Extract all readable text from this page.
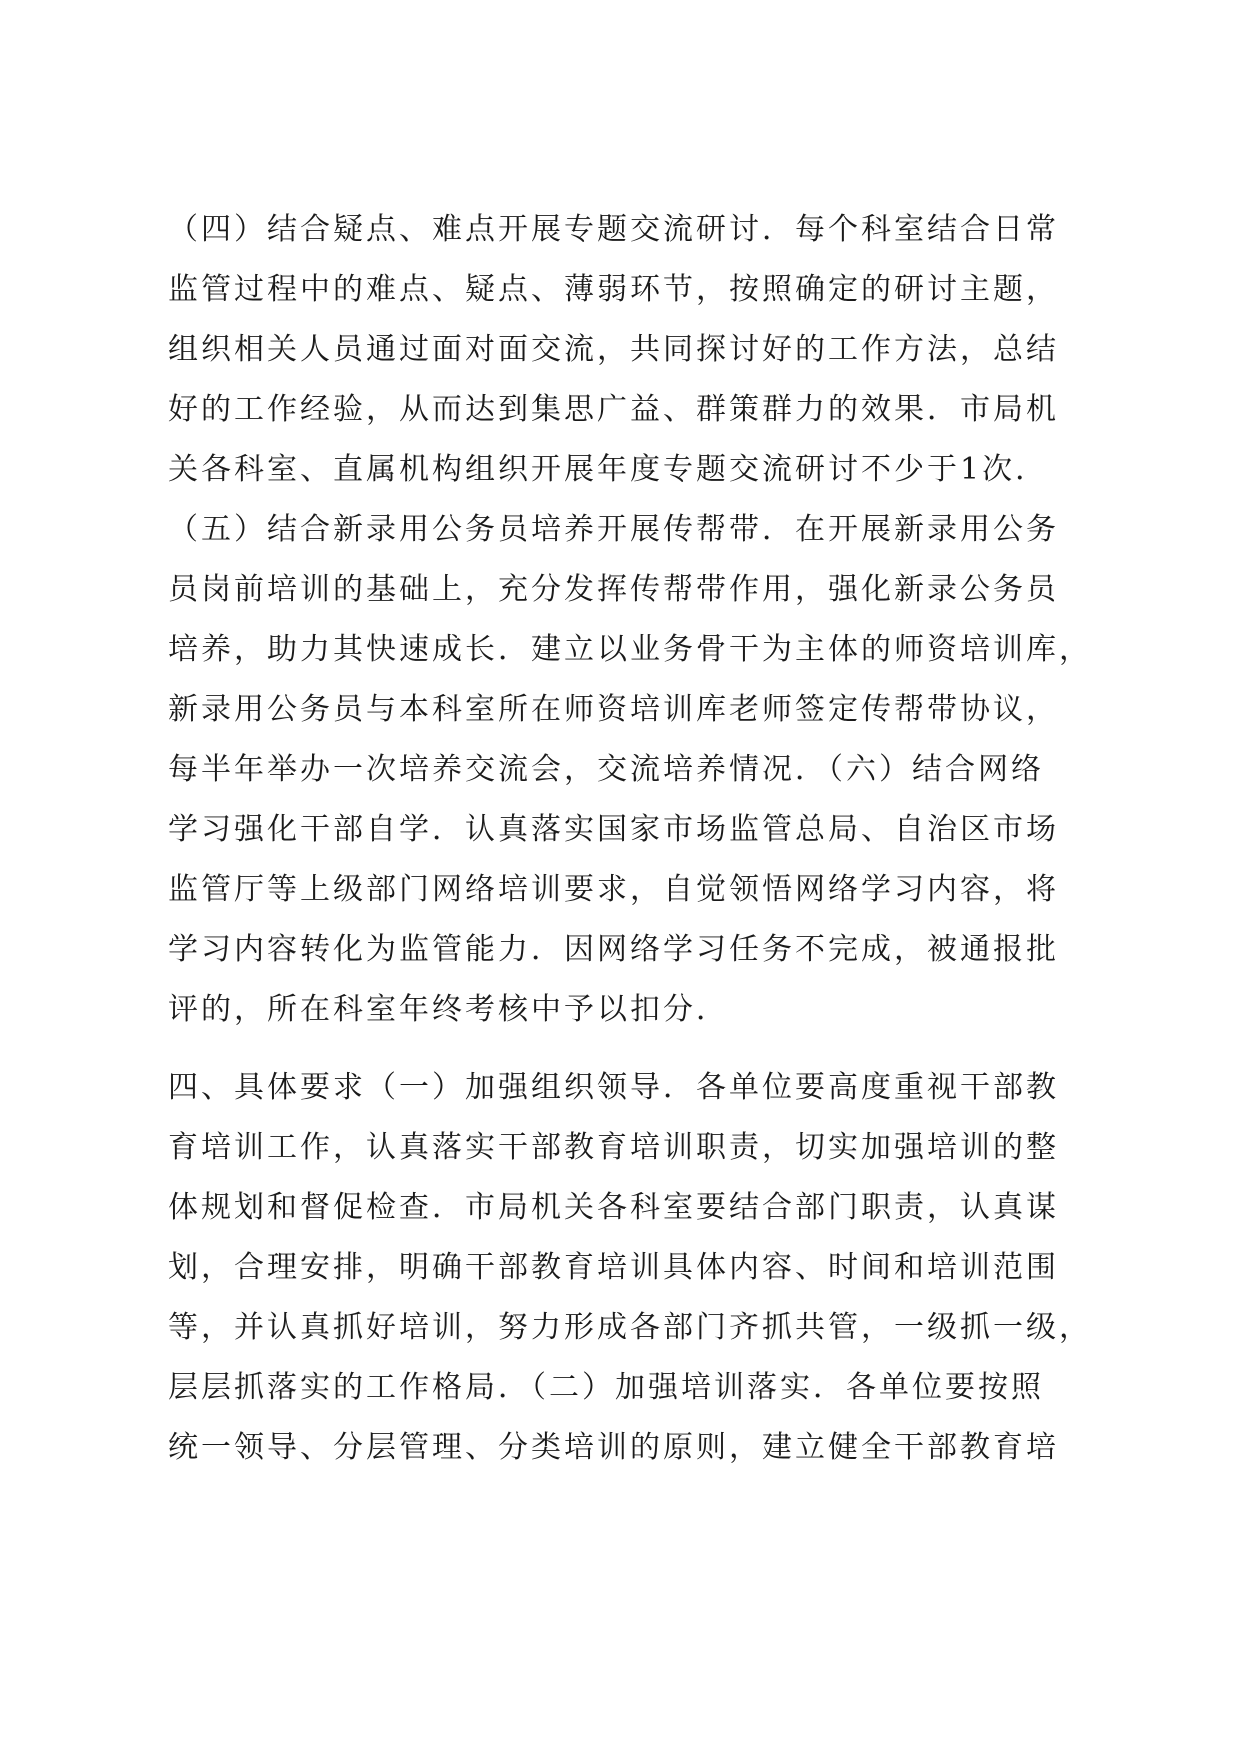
（四）结合疑点、难点开展专题交流研讨．每个科室结合日常
监管过程中的难点、疑点、薄弱环节，按照确定的研讨主题，
组织相关人员通过面对面交流，共同探讨好的工作方法，总结
好的工作经验，从而达到集思广益、群策群力的效果．市局机
关各科室、直属机构组织开展年度专题交流研讨不少于1次．
（五）结合新录用公务员培养开展传帮带．在开展新录用公务
员岗前培训的基础上，充分发挥传帮带作用，强化新录公务员
培养，助力其快速成长．建立以业务骨干为主体的师资培训库，
新录用公务员与本科室所在师资培训库老师签定传帮带协议，
每半年举办一次培养交流会，交流培养情况．（六）结合网络
学习强化干部自学．认真落实国家市场监管总局、自治区市场
监管厅等上级部门网络培训要求，自觉领悟网络学习内容，将
学习内容转化为监管能力．因网络学习任务不完成，被通报批
评的，所在科室年终考核中予以扣分．
四、具体要求（一）加强组织领导．各单位要高度重视干部教
育培训工作，认真落实干部教育培训职责，切实加强培训的整
体规划和督促检查．市局机关各科室要结合部门职责，认真谋
划，合理安排，明确干部教育培训具体内容、时间和培训范围
等，并认真抓好培训，努力形成各部门齐抓共管，一级抓一级，
层层抓落实的工作格局．（二）加强培训落实．各单位要按照
统一领导、分层管理、分类培训的原则，建立健全干部教育培
